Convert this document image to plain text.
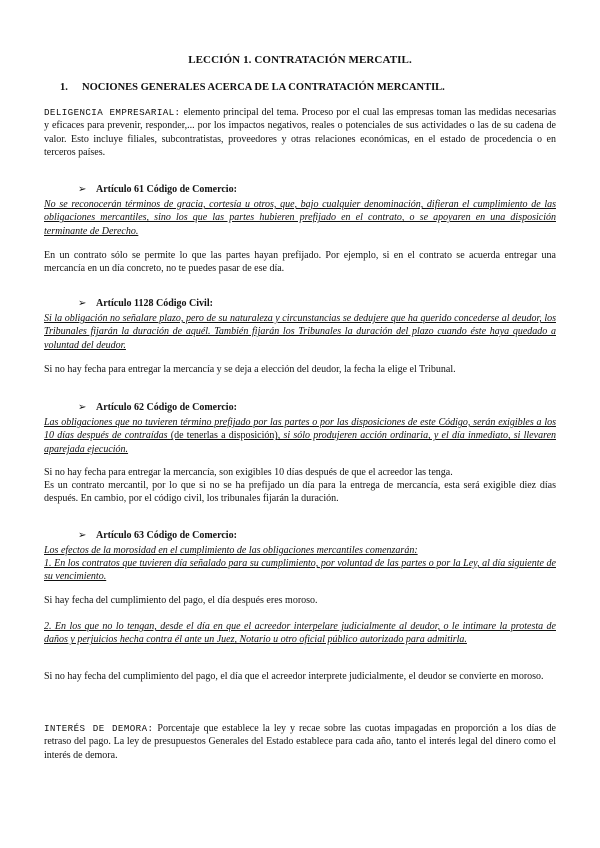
LECCIÓN 1. CONTRATACIÓN MERCATIL.
1. NOCIONES GENERALES ACERCA DE LA CONTRATACIÓN MERCANTIL.
DELIGENCIA EMPRESARIAL: elemento principal del tema. Proceso por el cual las empresas toman las medidas necesarias y eficaces para prevenir, responder,... por los impactos negativos, reales o potenciales de sus actividades o las de su cadena de valor. Esto incluye filiales, subcontratistas, proveedores y otras relaciones económicas, en el estado de procedencia o en terceros países.
➢ Artículo 61 Código de Comercio:
No se reconocerán términos de gracia, cortesía u otros, que, bajo cualquier denominación, difieran el cumplimiento de las obligaciones mercantiles, sino los que las partes hubieren prefijado en el contrato, o se apoyaren en una disposición terminante de Derecho.
En un contrato sólo se permite lo que las partes hayan prefijado. Por ejemplo, si en el contrato se acuerda entregar una mercancía en un día concreto, no te puedes pasar de ese día.
➢ Artículo 1128 Código Civil:
Si la obligación no señalare plazo, pero de su naturaleza y circunstancias se dedujere que ha querido concederse al deudor, los Tribunales fijarán la duración de aquél. También fijarán los Tribunales la duración del plazo cuando éste haya quedado a voluntad del deudor.
Si no hay fecha para entregar la mercancía y se deja a elección del deudor, la fecha la elige el Tribunal.
➢ Artículo 62 Código de Comercio:
Las obligaciones que no tuvieren término prefijado por las partes o por las disposiciones de este Código, serán exigibles a los 10 días después de contraídas (de tenerlas a disposición), si sólo produjeren acción ordinaria, y el día inmediato, si llevaren aparejada ejecución.
Si no hay fecha para entregar la mercancía, son exigibles 10 días después de que el acreedor las tenga.
Es un contrato mercantil, por lo que si no se ha prefijado un día para la entrega de mercancía, esta será exigible diez días después. En cambio, por el código civil, los tribunales fijarán la duración.
➢ Artículo 63 Código de Comercio:
Los efectos de la morosidad en el cumplimiento de las obligaciones mercantiles comenzarán:
1. En los contratos que tuvieren día señalado para su cumplimiento, por voluntad de las partes o por la Ley, al día siguiente de su vencimiento.
Si hay fecha del cumplimiento del pago, el día después eres moroso.
2. En los que no lo tengan, desde el día en que el acreedor interpelare judicialmente al deudor, o le intimare la protesta de daños y perjuicios hecha contra él ante un Juez, Notario u otro oficial público autorizado para admitirla.
Si no hay fecha del cumplimiento del pago, el día que el acreedor interprete judicialmente, el deudor se convierte en moroso.
INTERÉS DE DEMORA: Porcentaje que establece la ley y recae sobre las cuotas impagadas en proporción a los días de retraso del pago. La ley de presupuestos Generales del Estado establece para cada año, tanto el interés legal del dinero como el interés de demora.
